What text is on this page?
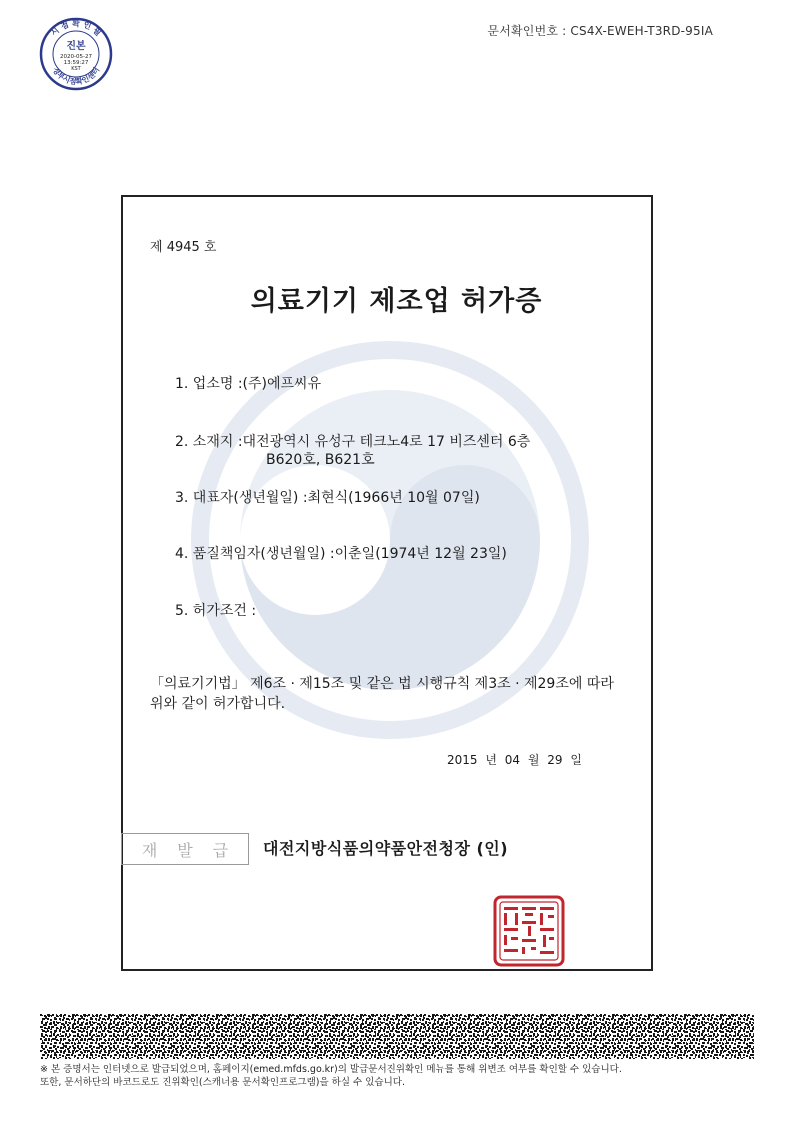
문서확인번호 : CS4X-EWEH-T3RD-95IA
시 점 확 인 필
정부시점확인센터
진본
2020-05-27
13:59:27
KST
제 4945 호
의료기기 제조업 허가증
1. 업소명 :(주)에프씨유
2. 소재지 :대전광역시 유성구 테크노4로 17 비즈센터 6층
B620호, B621호
3. 대표자(생년월일) :최현식(1966년 10월 07일)
4. 품질책임자(생년월일) :이춘일(1974년 12월 23일)
5. 허가조건 :
「의료기기법」 제6조 · 제15조 및 같은 법 시행규칙 제3조 · 제29조에 따라
위와 같이 허가합니다.
2015 년 04 월 29 일
재 발 급 대전지방식품의약품안전청장 (인)
※ 본 증명서는 인터넷으로 발급되었으며, 홈페이지(emed.mfds.go.kr)의 발급문서진위확인 메뉴를 통해 위변조 여부를 확인할 수 있습니다.
또한, 문서하단의 바코드로도 진위확인(스캐너용 문서확인프로그램)을 하실 수 있습니다.
